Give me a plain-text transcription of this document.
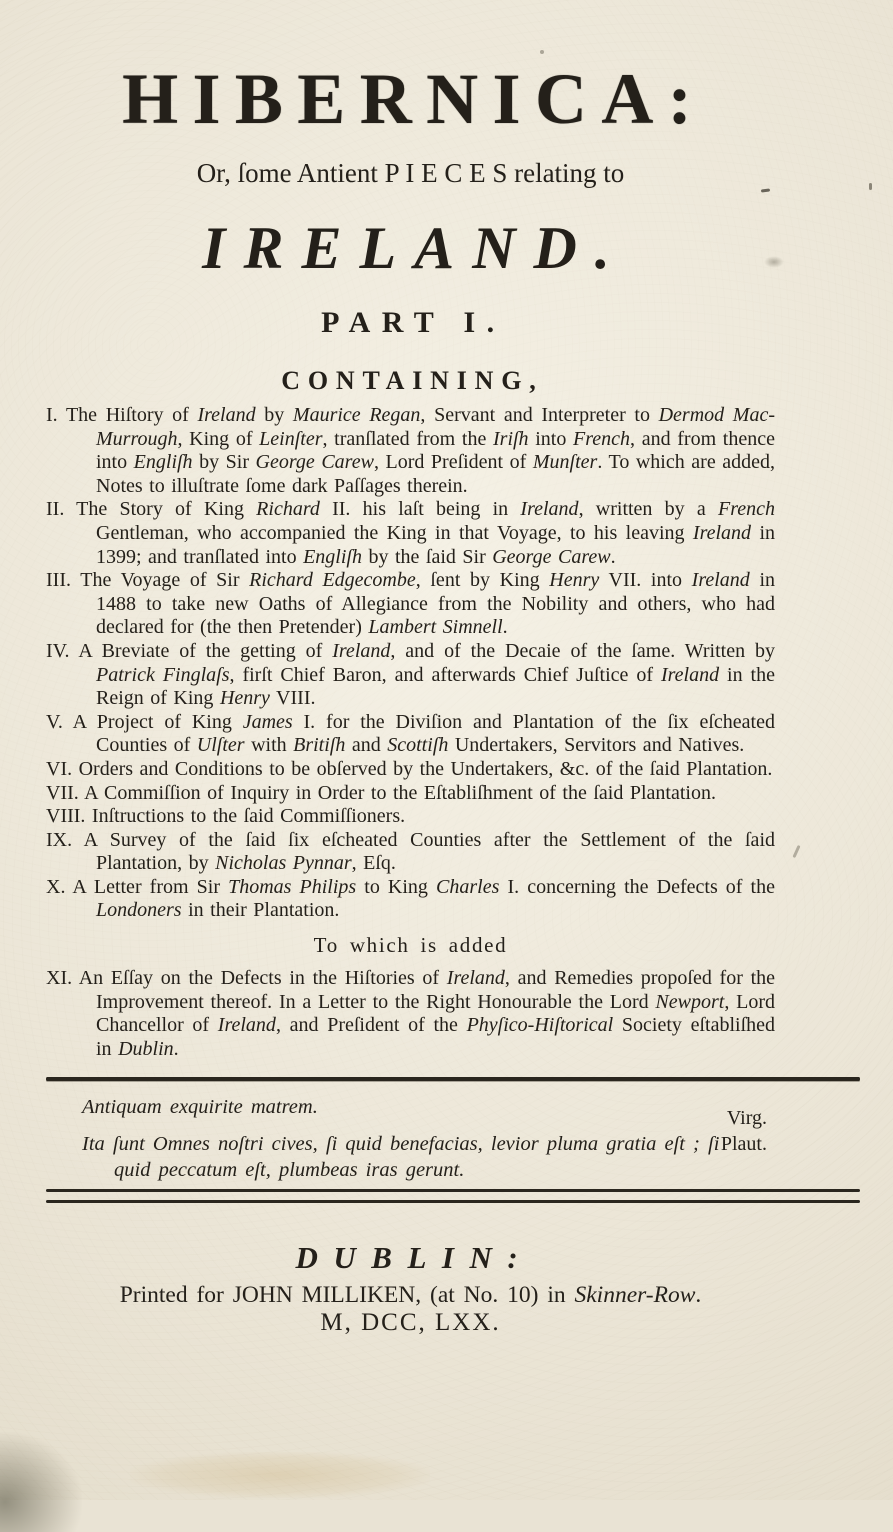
HIBERNICA:
Or, ſome Antient P I E C E S relating to
IRELAND.
PART I.
CONTAINING,

I. The Hiſtory of Ireland by Maurice Regan, Servant and Interpreter to Dermod Mac-Murrough, King of Leinſter, tranſlated from the Iriſh into French, and from thence into Engliſh by Sir George Carew, Lord Preſident of Munſter. To which are added, Notes to illuſtrate ſome dark Paſſages therein.

II. The Story of King Richard II. his laſt being in Ireland, written by a French Gentleman, who accompanied the King in that Voyage, to his leaving Ireland in 1399; and tranſlated into Engliſh by the ſaid Sir George Carew.

III. The Voyage of Sir Richard Edgecombe, ſent by King Henry VII. into Ireland in 1488 to take new Oaths of Allegiance from the Nobility and others, who had declared for (the then Pretender) Lambert Simnell.

IV. A Breviate of the getting of Ireland, and of the Decaie of the ſame. Written by Patrick Finglaſs, firſt Chief Baron, and afterwards Chief Juſtice of Ireland in the Reign of King Henry VIII.

V. A Project of King James I. for the Diviſion and Plantation of the ſix eſcheated Counties of Ulſter with Britiſh and Scottiſh Undertakers, Servitors and Natives.

VI. Orders and Conditions to be obſerved by the Undertakers, &c. of the ſaid Plantation.

VII. A Commiſſion of Inquiry in Order to the Eſtabliſhment of the ſaid Plantation.

VIII. Inſtructions to the ſaid Commiſſioners.

IX. A Survey of the ſaid ſix eſcheated Counties after the Settlement of the ſaid Plantation, by Nicholas Pynnar, Eſq.

X. A Letter from Sir Thomas Philips to King Charles I. concerning the Defects of the Londoners in their Plantation.

To which is added

XI. An Eſſay on the Defects in the Hiſtories of Ireland, and Remedies propoſed for the Improvement thereof. In a Letter to the Right Honourable the Lord Newport, Lord Chancellor of Ireland, and Preſident of the Phyſico-Hiſtorical Society eſtabliſhed in Dublin.

Antiquam exquirite matrem.	Virg.
Plaut.
Ita ſunt Omnes noſtri cives, ſi quid benefacias, levior pluma gratia eſt ; ſi quid peccatum eſt, plumbeas iras gerunt.
DUBLIN:
Printed for JOHN MILLIKEN, (at No. 10) in Skinner-Row.
M, DCC, LXX.
